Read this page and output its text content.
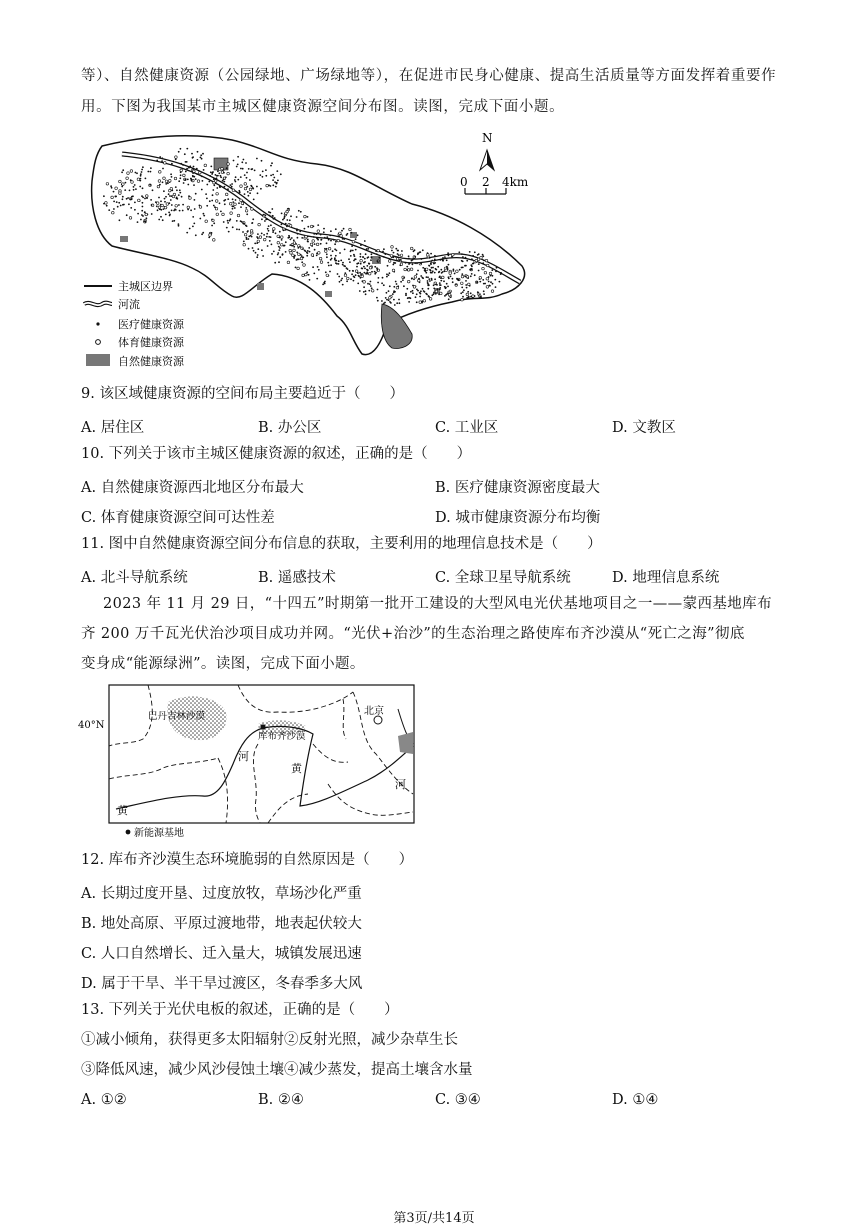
等）、自然健康资源（公园绿地、广场绿地等），在促进市民身心健康、提高生活质量等方面发挥着重要作
用。下图为我国某市主城区健康资源空间分布图。读图，完成下面小题。
N
0 2 4km
主城区边界
河流
医疗健康资源
体育健康资源
自然健康资源
9. 该区域健康资源的空间布局主要趋近于（　　）
A. 居住区	B. 办公区	C. 工业区	D. 文教区
10. 下列关于该市主城区健康资源的叙述，正确的是（　　）
A. 自然健康资源西北地区分布最大	B. 医疗健康资源密度最大
C. 体育健康资源空间可达性差	D. 城市健康资源分布均衡
11. 图中自然健康资源空间分布信息的获取，主要利用的地理信息技术是（　　）
A. 北斗导航系统	B. 遥感技术	C. 全球卫星导航系统	D. 地理信息系统
2023 年 11 月 29 日，“十四五”时期第一批开工建设的大型风电光伏基地项目之一——蒙西基地库布
齐 200 万千瓦光伏治沙项目成功并网。“光伏+治沙”的生态治理之路使库布齐沙漠从“死亡之海”彻底
变身成“能源绿洲”。读图，完成下面小题。
40°N
巴丹吉林沙漠
库布齐沙漠
北京
河
黄
河
黄
新能源基地
12. 库布齐沙漠生态环境脆弱的自然原因是（　　）
A. 长期过度开垦、过度放牧，草场沙化严重
B. 地处高原、平原过渡地带，地表起伏较大
C. 人口自然增长、迁入量大，城镇发展迅速
D. 属于干旱、半干旱过渡区，冬春季多大风
13. 下列关于光伏电板的叙述，正确的是（　　）
①减小倾角，获得更多太阳辐射②反射光照，减少杂草生长
③降低风速，减少风沙侵蚀土壤④减少蒸发，提高土壤含水量
A. ①②	B. ②④	C. ③④	D. ①④
第3页/共14页
